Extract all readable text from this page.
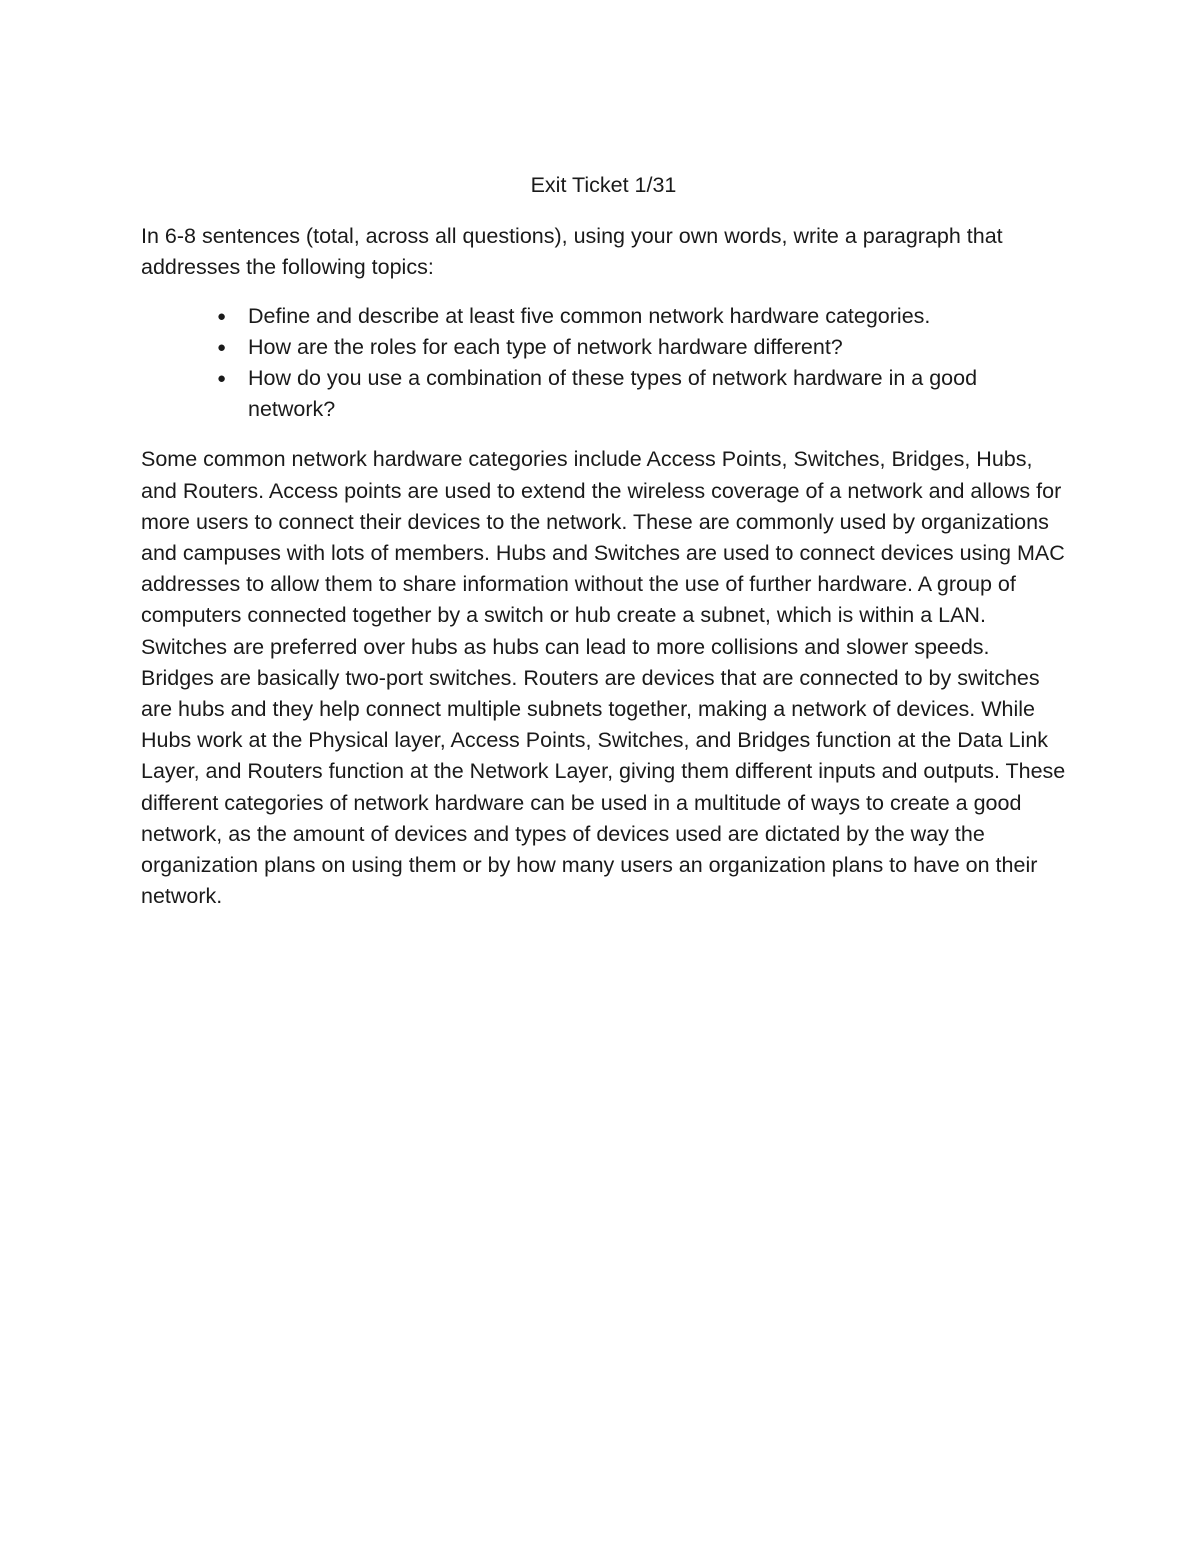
Exit Ticket 1/31

In 6-8 sentences (total, across all questions), using your own words, write a paragraph that addresses the following topics:

● Define and describe at least five common network hardware categories.
● How are the roles for each type of network hardware different?
● How do you use a combination of these types of network hardware in a good network?

Some common network hardware categories include Access Points, Switches, Bridges, Hubs, and Routers. Access points are used to extend the wireless coverage of a network and allows for more users to connect their devices to the network. These are commonly used by organizations and campuses with lots of members. Hubs and Switches are used to connect devices using MAC addresses to allow them to share information without the use of further hardware. A group of computers connected together by a switch or hub create a subnet, which is within a LAN. Switches are preferred over hubs as hubs can lead to more collisions and slower speeds. Bridges are basically two-port switches. Routers are devices that are connected to by switches are hubs and they help connect multiple subnets together, making a network of devices. While Hubs work at the Physical layer, Access Points, Switches, and Bridges function at the Data Link Layer, and Routers function at the Network Layer, giving them different inputs and outputs. These different categories of network hardware can be used in a multitude of ways to create a good network, as the amount of devices and types of devices used are dictated by the way the organization plans on using them or by how many users an organization plans to have on their network.
